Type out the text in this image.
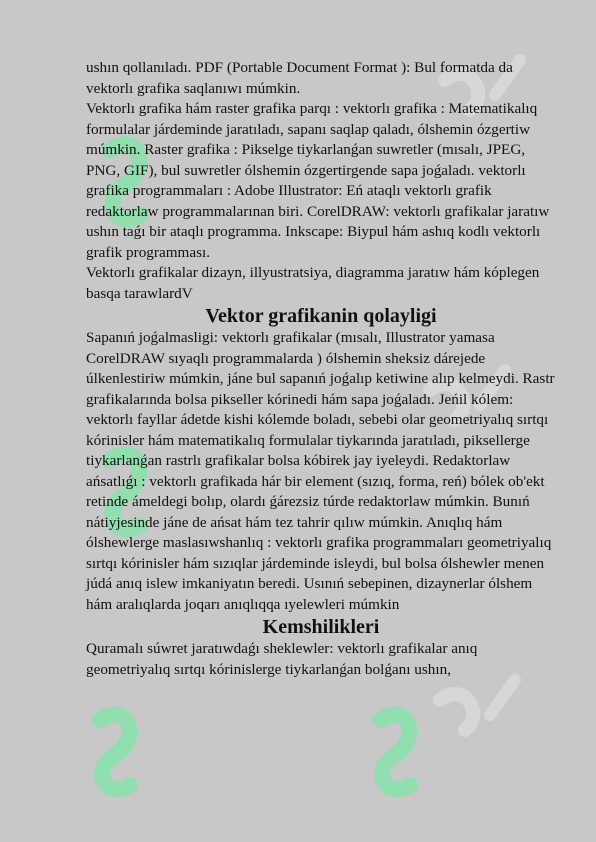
ushın qollanıladı. PDF (Portable Document Format ): Bul formatda da vektorlı grafika saqlanıwı múmkin.

Vektorlı grafika hám raster grafika parqı : vektorlı grafika : Matematikalıq formulalar járdeminde jaratıladı, sapanı saqlap qaladı, ólshemin ózgertiw múmkin. Raster grafika : Pikselge tiykarlanǵan suwretler (mısalı, JPEG, PNG, GIF), bul suwretler ólshemin ózgertirgende sapa joǵaladı. vektorlı grafika programmaları : Adobe Illustrator: Eń ataqlı vektorlı grafik redaktorlaw programmalarınan biri. CorelDRAW: vektorlı grafikalar jaratıw ushın taǵı bir ataqlı programma. Inkscape: Biypul hám ashıq kodlı vektorlı grafik programması.

Vektorlı grafikalar dizayn, illyustratsiya, diagramma jaratıw hám kóplegen basqa tarawlardV

Vektor grafikanin qolayligi

Sapanıń joǵalmasligi: vektorlı grafikalar (mısalı, Illustrator yamasa CorelDRAW sıyaqlı programmalarda ) ólshemin sheksiz dárejede úlkenlestiriw múmkin, jáne bul sapanıń joǵalıp ketiwine alıp kelmeydi. Rastr grafikalarında bolsa pikseller kórinedi hám sapa joǵaladı. Jeńil kólem: vektorlı fayllar ádetde kishi kólemde boladı, sebebi olar geometriyalıq sırtqı kórinisler hám matematikalıq formulalar tiykarında jaratıladı, piksellerge tiykarlanǵan rastrlı grafikalar bolsa kóbirek jay iyeleydi. Redaktorlaw ańsatlıǵı : vektorlı grafikada hár bir element (sızıq, forma, reń) bólek ob'ekt retinde ámeldegi bolıp, olardı ǵárezsiz túrde redaktorlaw múmkin. Bunıń nátiyjesinde jáne de ańsat hám tez tahrir qılıw múmkin. Anıqlıq hám ólshewlerge maslasıwshanlıq : vektorlı grafika programmaları geometriyalıq sırtqı kórinisler hám sızıqlar járdeminde isleydi, bul bolsa ólshewler menen júdá anıq islew imkaniyatın beredi. Usınıń sebepinen, dizaynerlar ólshem hám aralıqlarda joqarı anıqlıqqa ıyelewleri múmkin

Kemshilikleri

Quramalı súwret jaratıwdaǵı sheklewler: vektorlı grafikalar anıq geometriyalıq sırtqı kórinislerge tiykarlanǵan bolǵanı ushın,
